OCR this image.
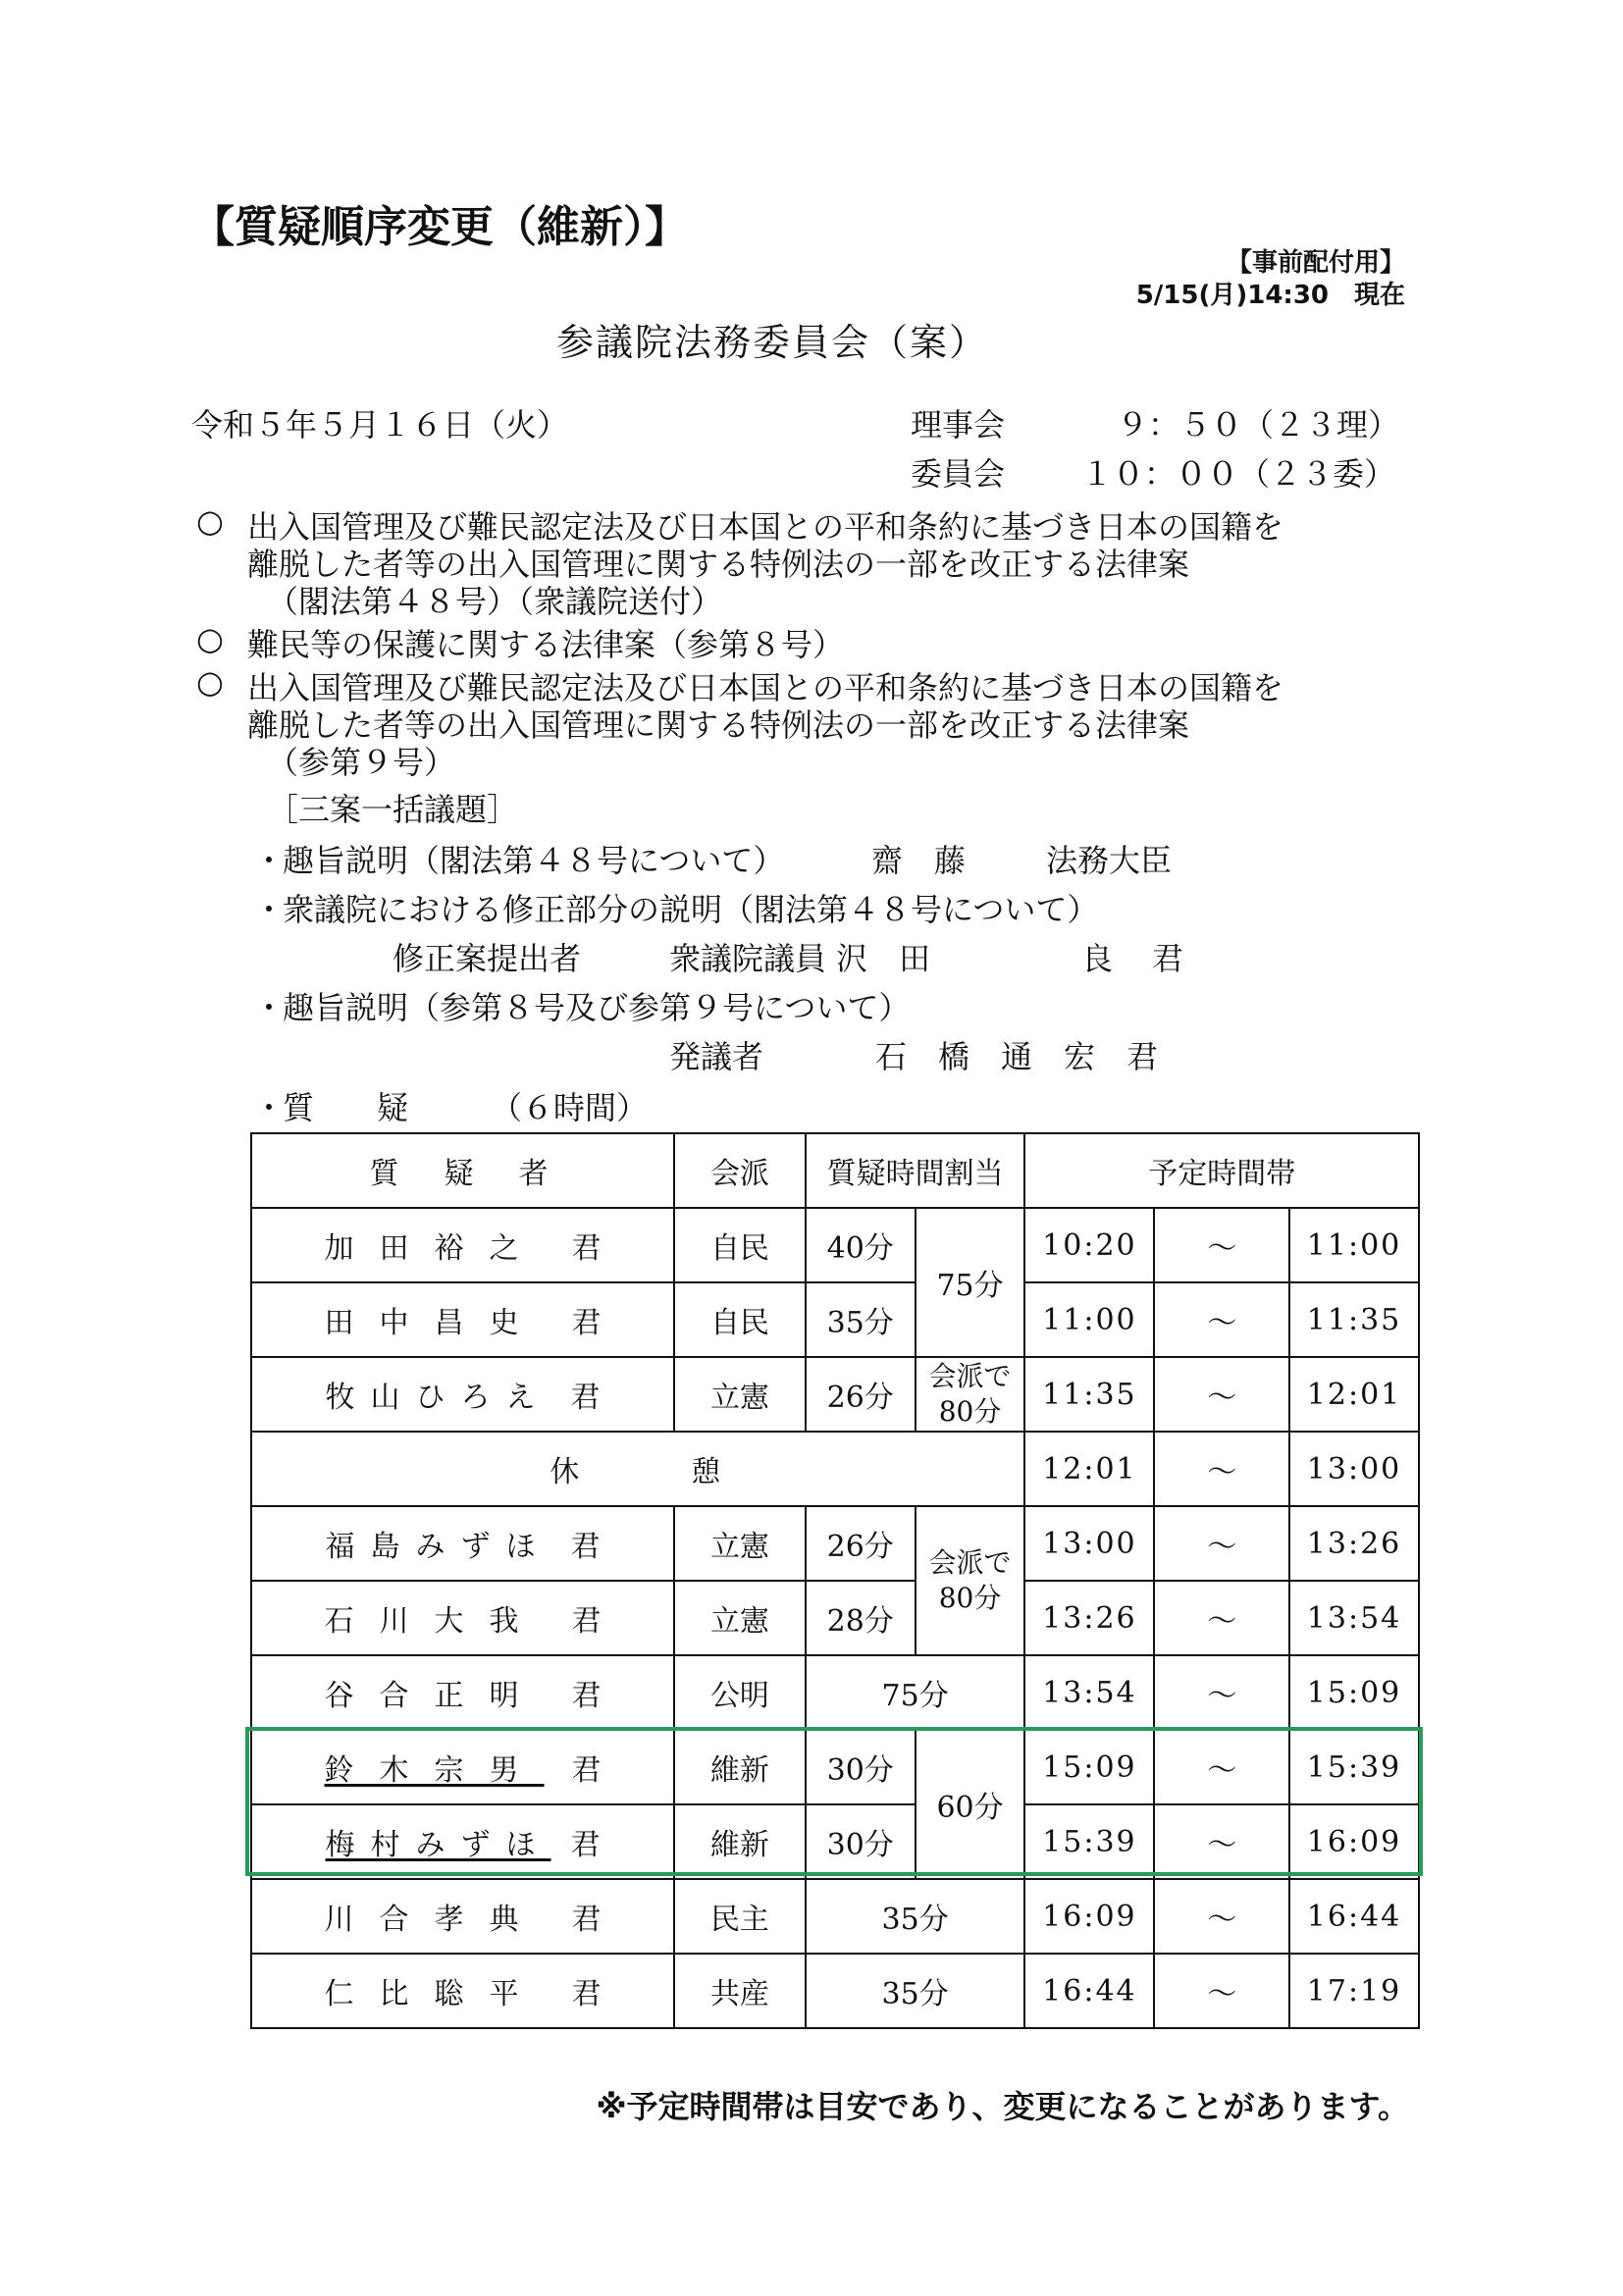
【質疑順序変更（維新）】
【事前配付用】
5/15(月)14:30　現在
参議院法務委員会（案）
令和５年５月１６日（火）	理事会	９：５０（２３理）
委員会 １０：００（２３委）
○ 出入国管理及び難民認定法及び日本国との平和条約に基づき日本の国籍を
離脱した者等の出入国管理に関する特例法の一部を改正する法律案
（閣法第４８号）（衆議院送付）
○ 難民等の保護に関する法律案（参第８号）
○ 出入国管理及び難民認定法及び日本国との平和条約に基づき日本の国籍を
離脱した者等の出入国管理に関する特例法の一部を改正する法律案
（参第９号）
［三案一括議題］
・
趣旨説明（閣法第４８号について）	齋　藤	法務大臣
・
衆議院における修正部分の説明（閣法第４８号について）
修正案提出者	衆議院議員 沢　田	良 君
・
趣旨説明（参第８号及び参第９号について）
発議者	石　橋　通　宏　君
・
質　　疑	（６時間）
質　疑　者	会派	質疑時間割当		予定時間帯		
加田裕之 君	自民	40分	75分	10:20	～	11:00
田中昌史 君	自民	35分		11:00	～	11:35
牧山ひろえ 君	立憲	26分	会派で
80分	11:35	～	12:01
休　　　憩				12:01	～	13:00
福島みずほ 君	立憲	26分	会派で
80分	13:00	～	13:26
石川大我 君	立憲	28分		13:26	～	13:54
谷合正明 君	公明	75分		13:54	～	15:09
鈴木宗男 君	維新	30分	60分	15:09	～	15:39
梅村みずほ 君	維新	30分		15:39	～	16:09
川合孝典 君	民主	35分		16:09	～	16:44
仁比聡平 君	共産	35分		16:44	～	17:19
※予定時間帯は目安であり、変更になることがあります。
